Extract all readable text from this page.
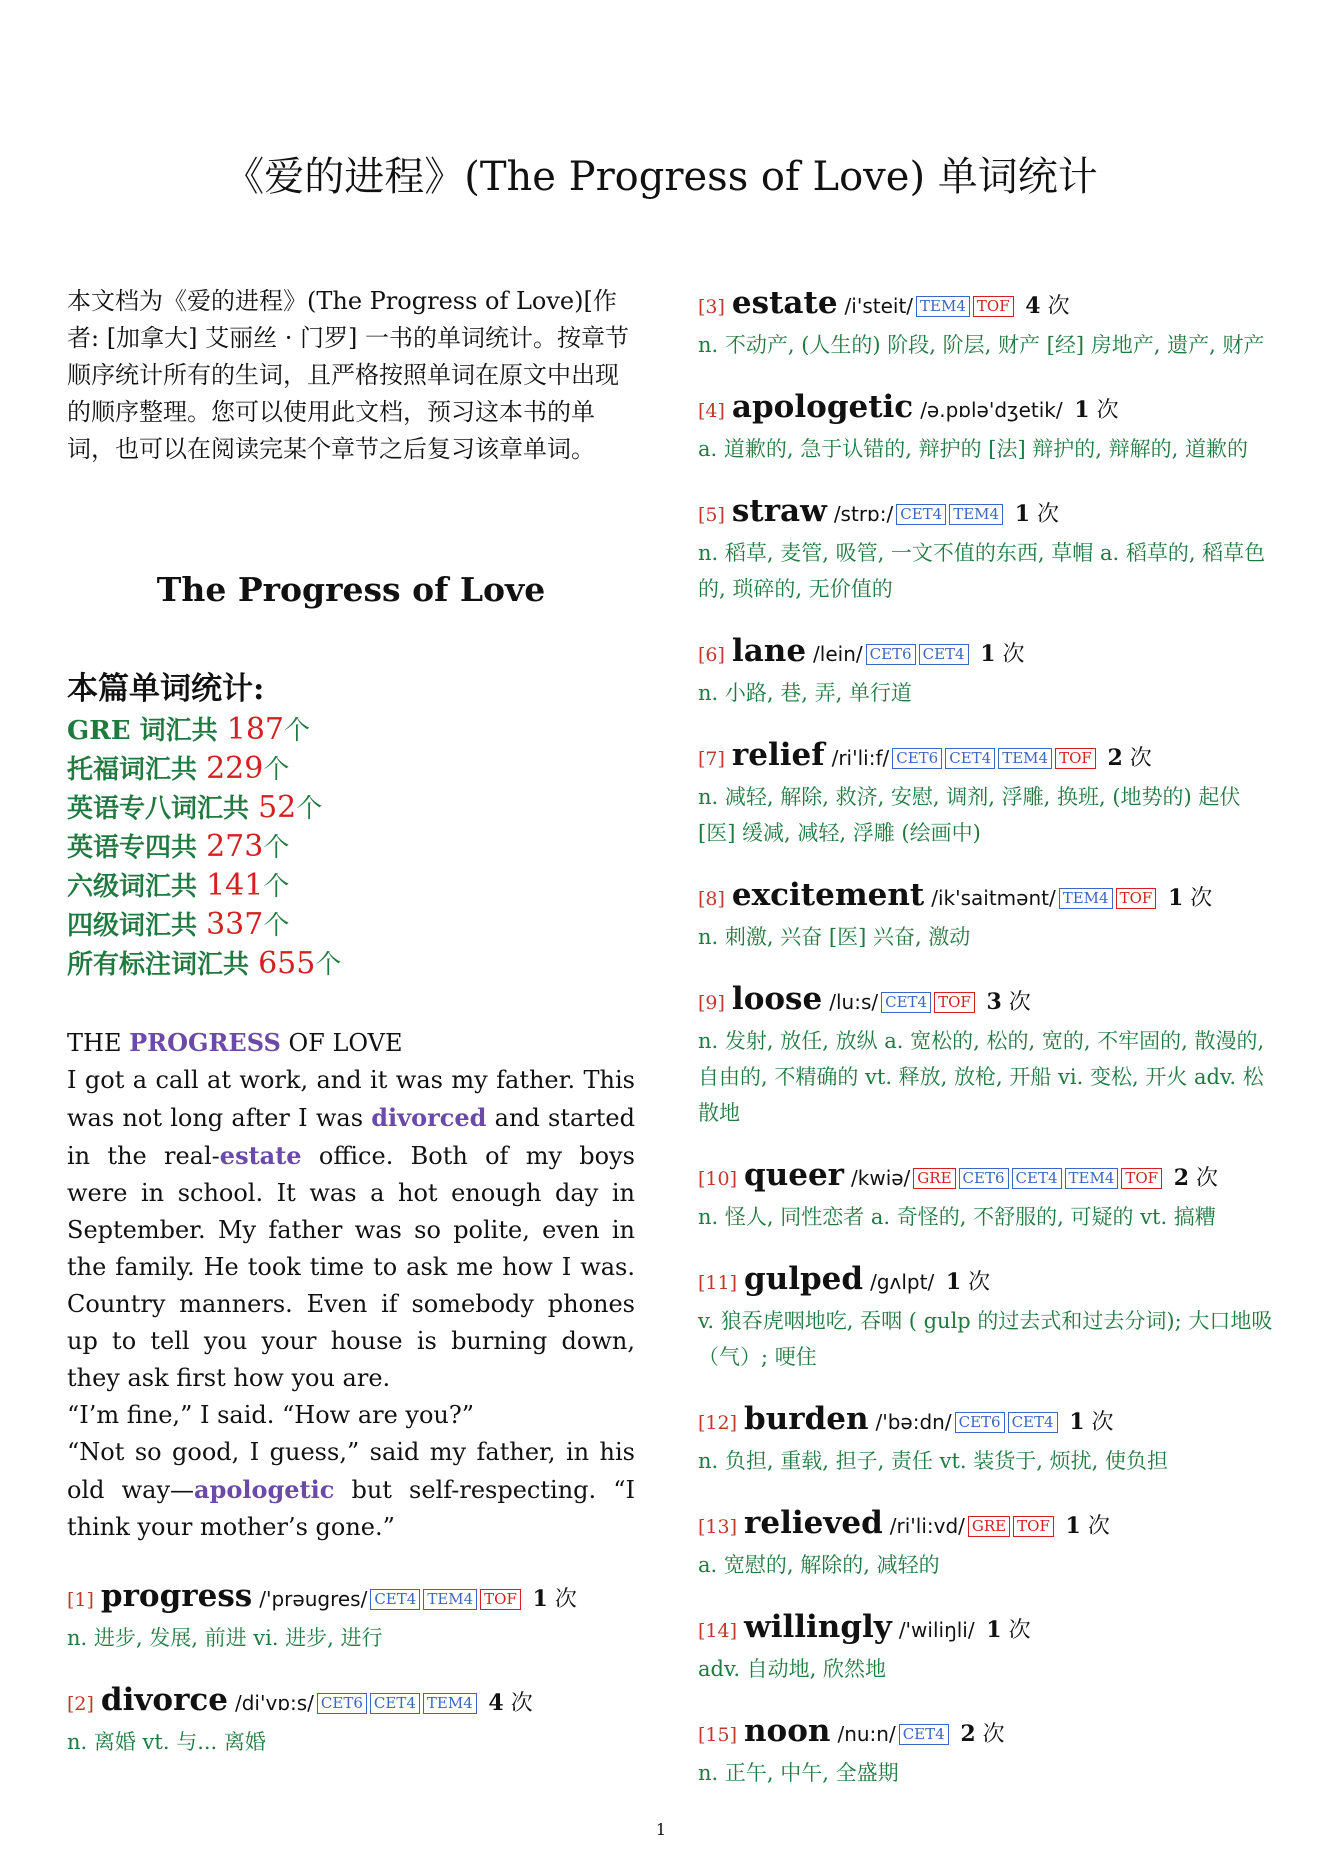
《爱的进程》(The Progress of Love) 单词统计

本文档为《爱的进程》(The Progress of Love)[作者: [加拿大] 艾丽丝 · 门罗] 一书的单词统计。按章节顺序统计所有的生词，且严格按照单词在原文中出现的顺序整理。您可以使用此文档，预习这本书的单词，也可以在阅读完某个章节之后复习该章单词。

The Progress of Love
本篇单词统计:
GRE 词汇共 187个
托福词汇共 229个
英语专八词汇共 52个
英语专四共 273个
六级词汇共 141个
四级词汇共 337个
所有标注词汇共 655个

THE PROGRESS OF LOVE

I got a call at work, and it was my father. This was not long after I was divorced and started in the real-estate office. Both of my boys were in school. It was a hot enough day in September. My father was so polite, even in the family. He took time to ask me how I was. Country manners. Even if somebody phones up to tell you your house is burning down, they ask first how you are.

“I’m fine,” I said. “How are you?”

“Not so good, I guess,” said my father, in his old way—apologetic but self-respecting. “I think your mother’s gone.”

[1] progress /'prəugres/ CET4 TEM4 TOF 1 次
n. 进步, 发展, 前进 vi. 进步, 进行
[2] divorce /di'vɒ:s/ CET6 CET4 TEM4 4 次
n. 离婚 vt. 与... 离婚
[3] estate /i'steit/ TEM4 TOF 4 次
n. 不动产, (人生的) 阶段, 阶层, 财产 [经] 房地产, 遗产, 财产
[4] apologetic /ə.pɒlə'dʒetik/ 1 次
a. 道歉的, 急于认错的, 辩护的 [法] 辩护的, 辩解的, 道歉的
[5] straw /strɒ:/ CET4 TEM4 1 次
n. 稻草, 麦管, 吸管, 一文不值的东西, 草帽 a. 稻草的, 稻草色的, 琐碎的, 无价值的
[6] lane /lein/ CET6 CET4 1 次
n. 小路, 巷, 弄, 单行道
[7] relief /ri'li:f/ CET6 CET4 TEM4 TOF 2 次
n. 减轻, 解除, 救济, 安慰, 调剂, 浮雕, 换班, (地势的) 起伏 [医] 缓减, 减轻, 浮雕 (绘画中)
[8] excitement /ik'saitmənt/ TEM4 TOF 1 次
n. 刺激, 兴奋 [医] 兴奋, 激动
[9] loose /lu:s/ CET4 TOF 3 次
n. 发射, 放任, 放纵 a. 宽松的, 松的, 宽的, 不牢固的, 散漫的, 自由的, 不精确的 vt. 释放, 放枪, 开船 vi. 变松, 开火 adv. 松散地
[10] queer /kwiə/ GRE CET6 CET4 TEM4 TOF 2 次
n. 怪人, 同性恋者 a. 奇怪的, 不舒服的, 可疑的 vt. 搞糟
[11] gulped /gʌlpt/ 1 次
v. 狼吞虎咽地吃, 吞咽 ( gulp 的过去式和过去分词); 大口地吸（气）; 哽住
[12] burden /'bə:dn/ CET6 CET4 1 次
n. 负担, 重载, 担子, 责任 vt. 装货于, 烦扰, 使负担
[13] relieved /ri'li:vd/ GRE TOF 1 次
a. 宽慰的, 解除的, 减轻的
[14] willingly /'wiliŋli/ 1 次
adv. 自动地, 欣然地
[15] noon /nu:n/ CET4 2 次
n. 正午, 中午, 全盛期
1
